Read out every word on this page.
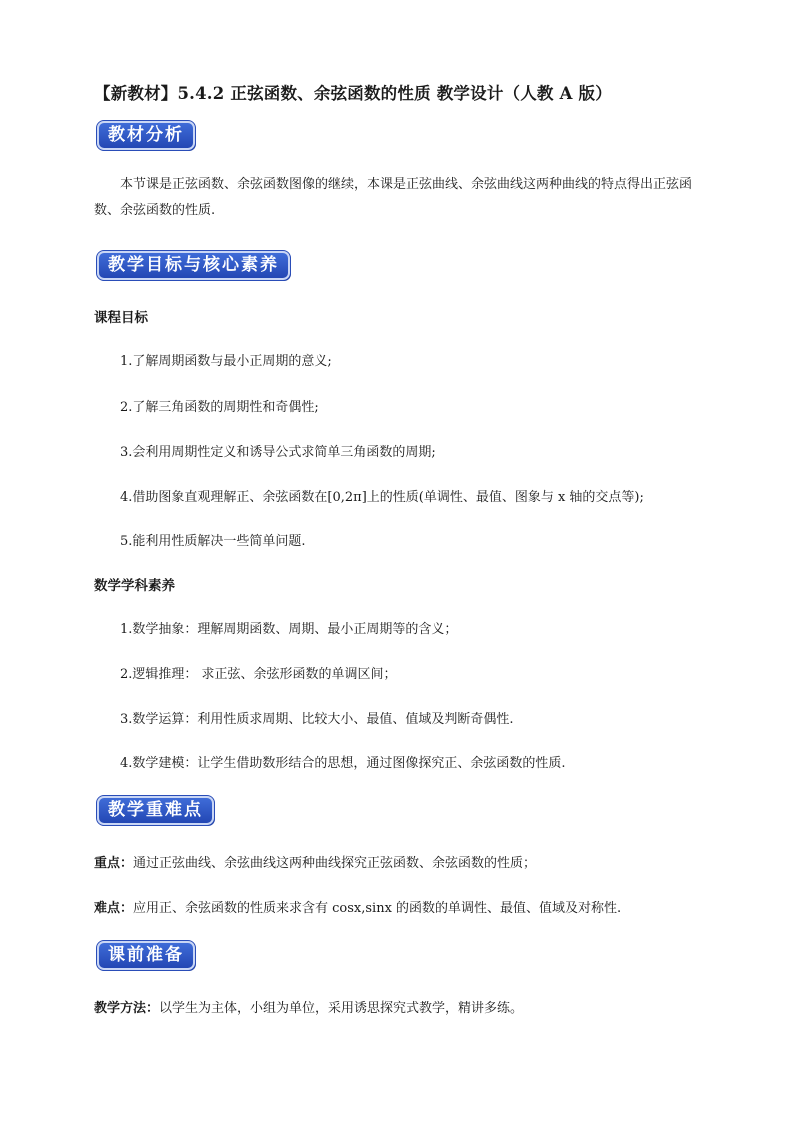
【新教材】5.4.2 正弦函数、余弦函数的性质 教学设计（人教 A 版）
教材分析
本节课是正弦函数、余弦函数图像的继续，本课是正弦曲线、余弦曲线这两种曲线的特点得出正弦函数、余弦函数的性质.
教学目标与核心素养
课程目标
1.了解周期函数与最小正周期的意义;
2.了解三角函数的周期性和奇偶性;
3.会利用周期性定义和诱导公式求简单三角函数的周期;
4.借助图象直观理解正、余弦函数在[0,2π]上的性质(单调性、最值、图象与 x 轴的交点等);
5.能利用性质解决一些简单问题.
数学学科素养
1.数学抽象：理解周期函数、周期、最小正周期等的含义；
2.逻辑推理： 求正弦、余弦形函数的单调区间；
3.数学运算：利用性质求周期、比较大小、最值、值域及判断奇偶性.
4.数学建模：让学生借助数形结合的思想，通过图像探究正、余弦函数的性质.
教学重难点
重点：通过正弦曲线、余弦曲线这两种曲线探究正弦函数、余弦函数的性质；
难点：应用正、余弦函数的性质来求含有 cosx,sinx 的函数的单调性、最值、值域及对称性.
课前准备
教学方法：以学生为主体，小组为单位，采用诱思探究式教学，精讲多练。
